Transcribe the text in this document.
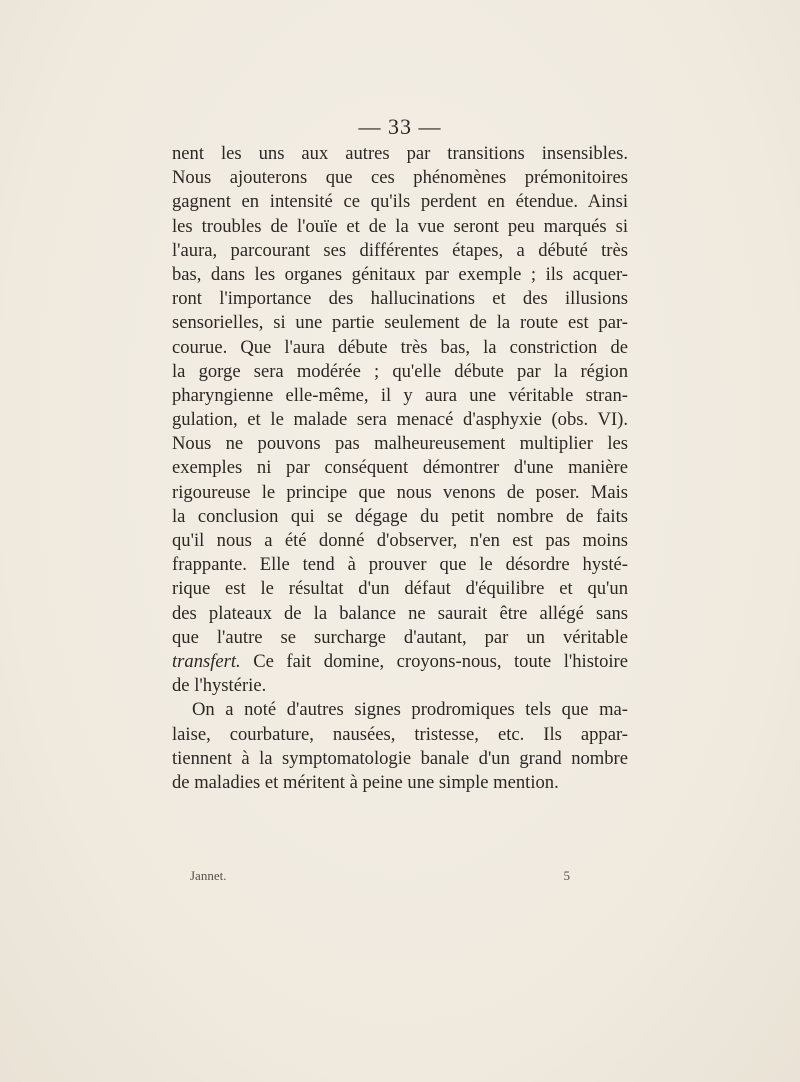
— 33 —
nent les uns aux autres par transitions insensibles.
Nous ajouterons que ces phénomènes prémonitoires
gagnent en intensité ce qu'ils perdent en étendue. Ainsi
les troubles de l'ouïe et de la vue seront peu marqués si
l'aura, parcourant ses différentes étapes, a débuté très
bas, dans les organes génitaux par exemple ; ils acquer-
ront l'importance des hallucinations et des illusions
sensorielles, si une partie seulement de la route est par-
courue. Que l'aura débute très bas, la constriction de
la gorge sera modérée ; qu'elle débute par la région
pharyngienne elle-même, il y aura une véritable stran-
gulation, et le malade sera menacé d'asphyxie (obs. VI).
Nous ne pouvons pas malheureusement multiplier les
exemples ni par conséquent démontrer d'une manière
rigoureuse le principe que nous venons de poser. Mais
la conclusion qui se dégage du petit nombre de faits
qu'il nous a été donné d'observer, n'en est pas moins
frappante. Elle tend à prouver que le désordre hysté-
rique est le résultat d'un défaut d'équilibre et qu'un
des plateaux de la balance ne saurait être allégé sans
que l'autre se surcharge d'autant, par un véritable
transfert. Ce fait domine, croyons-nous, toute l'histoire
de l'hystérie.
On a noté d'autres signes prodromiques tels que ma-
laise, courbature, nausées, tristesse, etc. Ils appar-
tiennent à la symptomatologie banale d'un grand nombre
de maladies et méritent à peine une simple mention.
Jannet.	5
